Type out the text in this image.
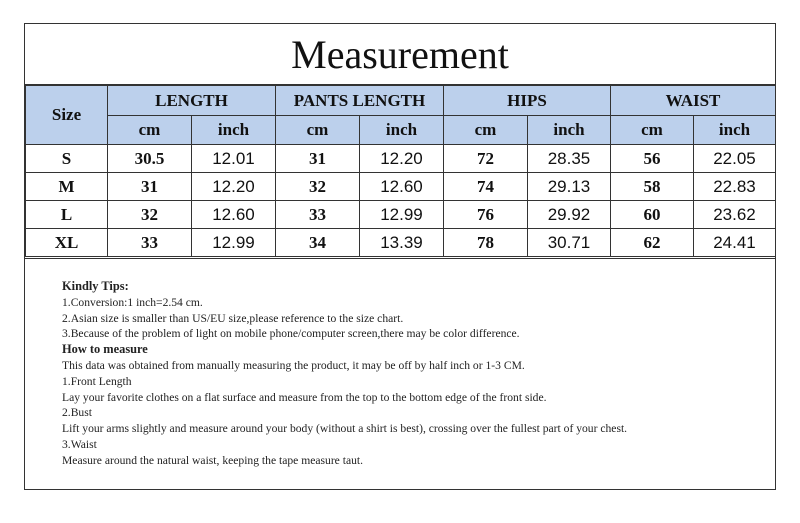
Measurement
Size	LENGTH		PANTS LENGTH		HIPS		WAIST	
	cm	inch	cm	inch	cm	inch	cm	inch
S	30.5	12.01	31	12.20	72	28.35	56	22.05
M	31	12.20	32	12.60	74	29.13	58	22.83
L	32	12.60	33	12.99	76	29.92	60	23.62
XL	33	12.99	34	13.39	78	30.71	62	24.41
Kindly Tips:
1.Conversion:1 inch=2.54 cm.
2.Asian size is smaller than US/EU size,please reference to the size chart.
3.Because of the problem of light on mobile phone/computer screen,there may be color difference.
How to measure
This data was obtained from manually measuring the product, it may be off by half inch or 1-3 CM.
1.Front Length
Lay your favorite clothes on a flat surface and measure from the top to the bottom edge of the front side.
2.Bust
Lift your arms slightly and measure around your body (without a shirt is best), crossing over the fullest part of your chest.
3.Waist
Measure around the natural waist, keeping the tape measure taut.
